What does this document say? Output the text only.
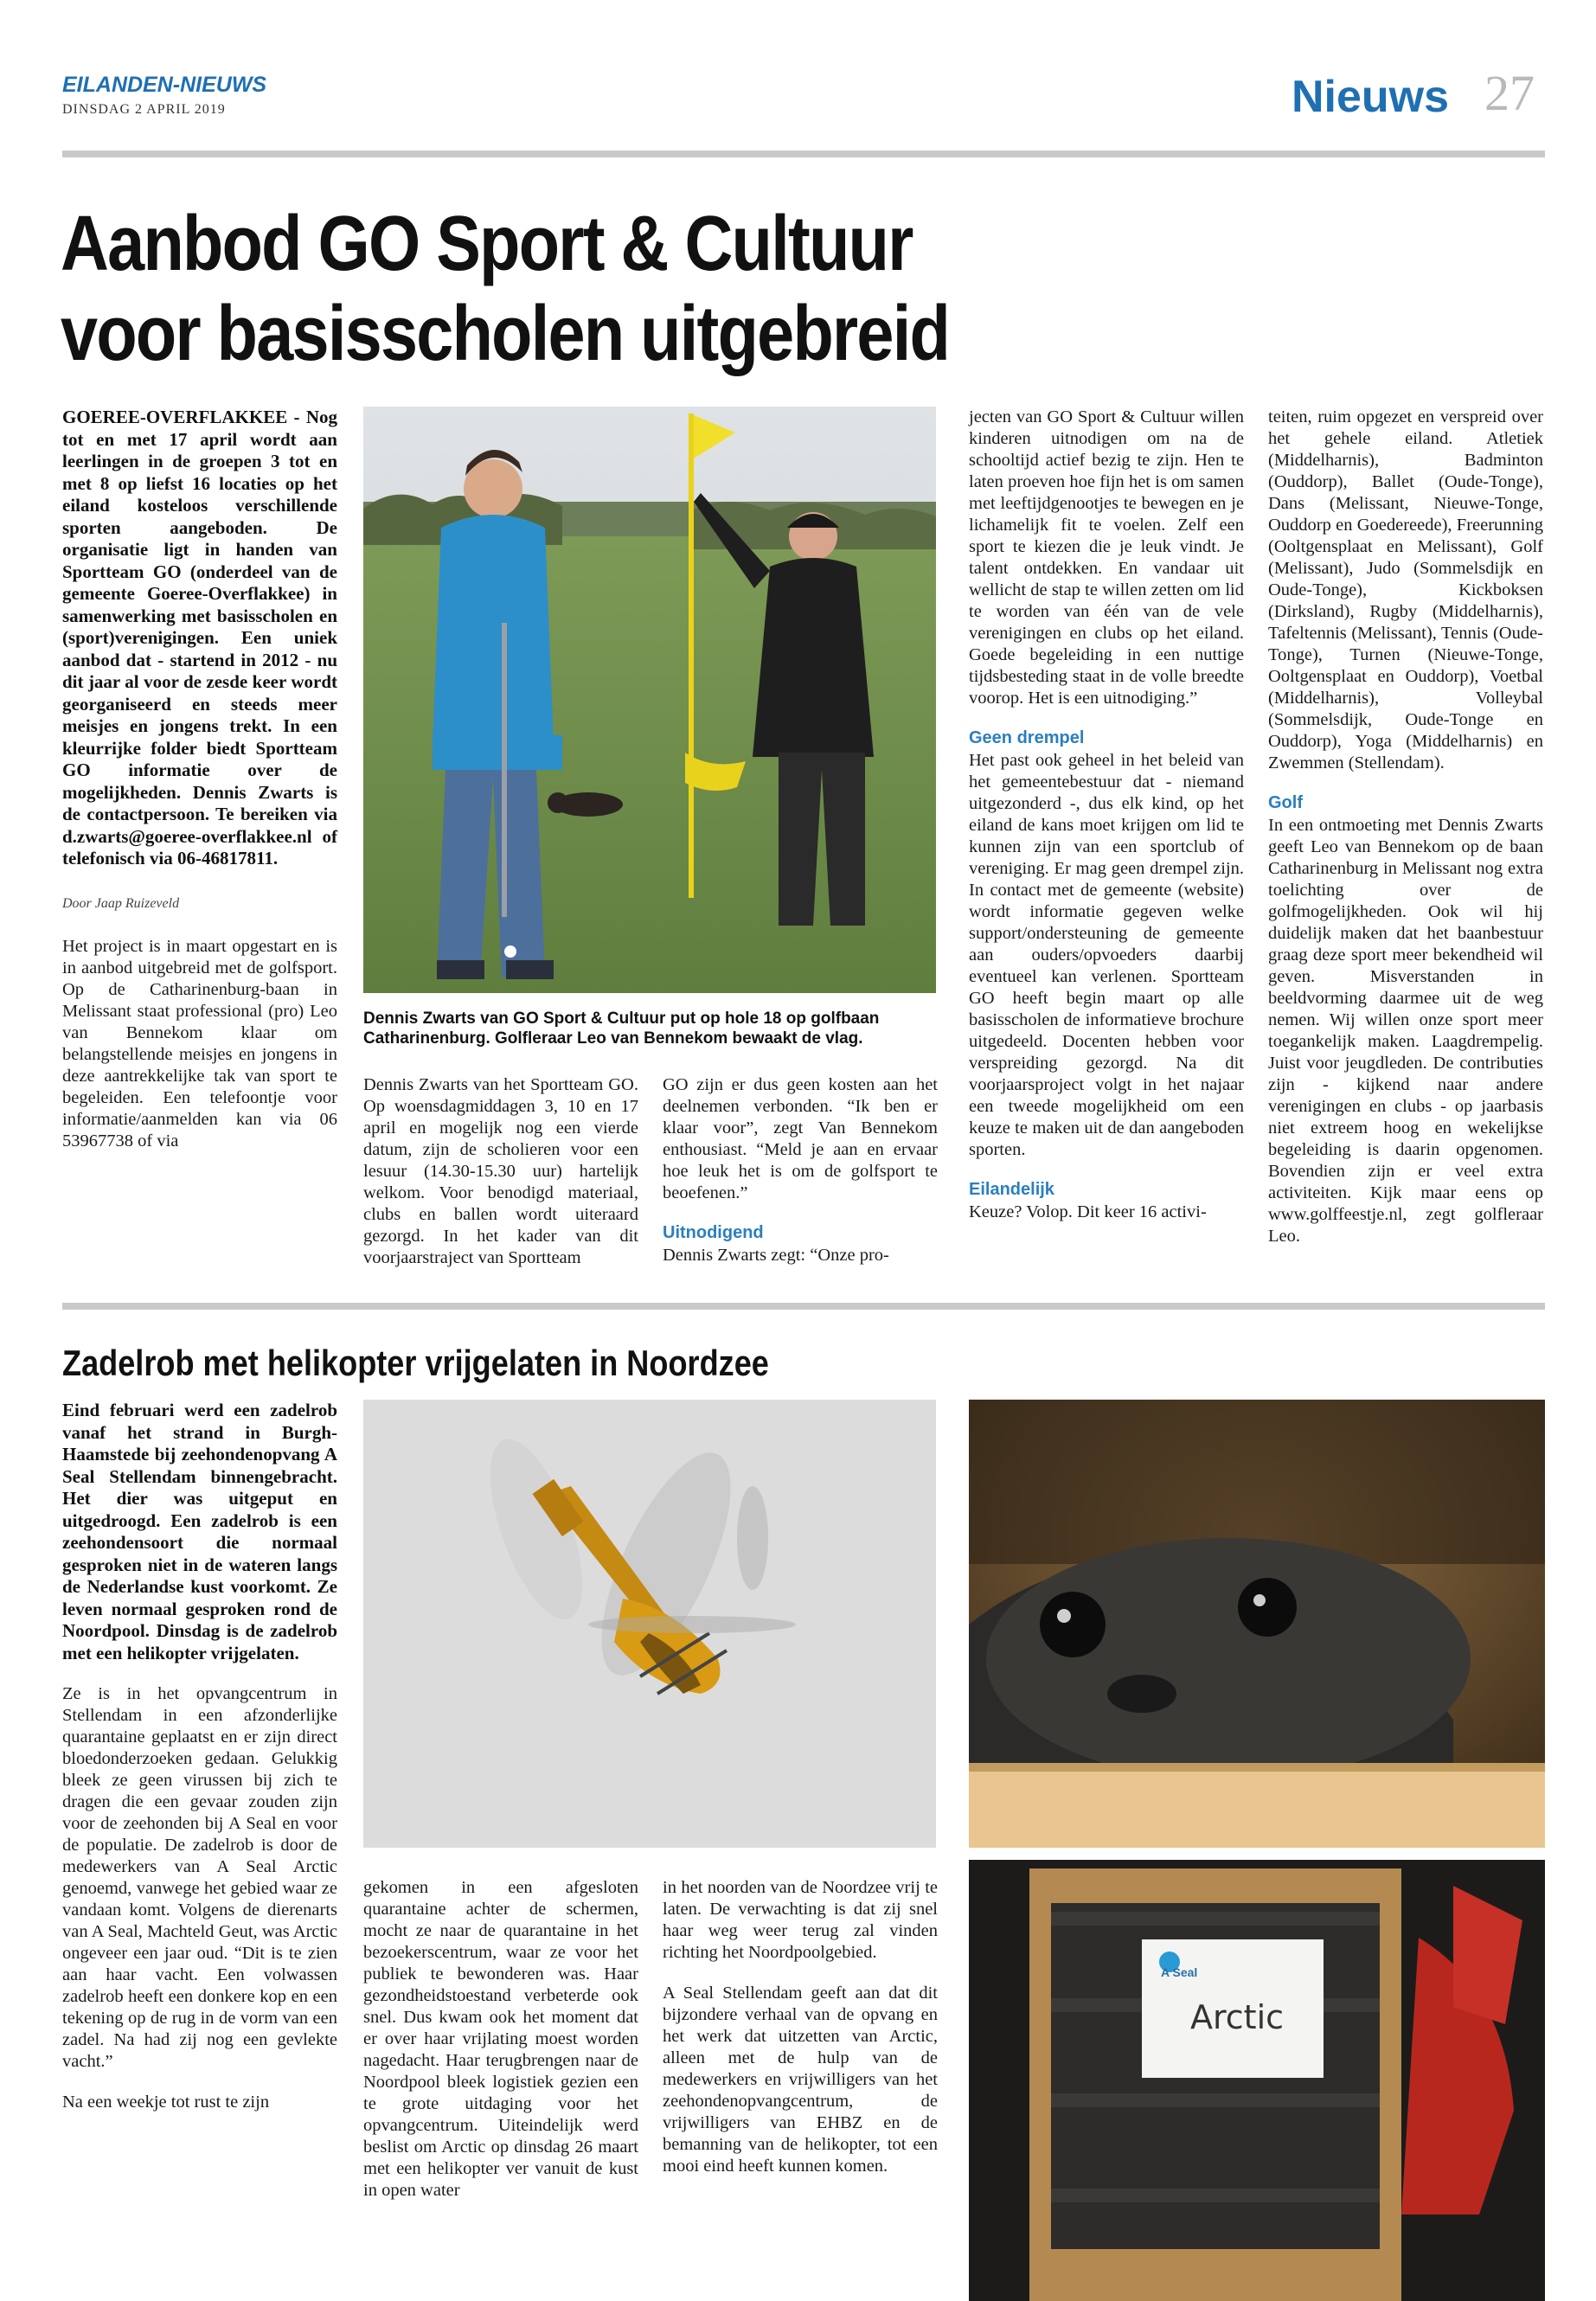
EILANDEN-NIEUWS
DINSDAG 2 APRIL 2019	Nieuws 27
Aanbod GO Sport & Cultuur
voor basisscholen uitgebreid
GOEREE-OVERFLAKKEE - Nog tot en met 17 april wordt aan leerlingen in de groepen 3 tot en met 8 op liefst 16 locaties op het eiland kosteloos verschillende sporten aangeboden. De organisatie ligt in handen van Sportteam GO (onderdeel van de gemeente Goeree-Overflakkee) in samenwerking met basisscholen en (sport)verenigingen. Een uniek aanbod dat - startend in 2012 - nu dit jaar al voor de zesde keer wordt georganiseerd en steeds meer meisjes en jongens trekt. In een kleurrijke folder biedt Sportteam GO informatie over de mogelijkheden. Dennis Zwarts is de contactpersoon. Te bereiken via d.zwarts@goeree-overflakkee.nl of telefonisch via 06-46817811.
Door Jaap Ruizeveld
Het project is in maart opgestart en is in aanbod uitgebreid met de golfsport. Op de Catharinenburg-baan in Melissant staat professional (pro) Leo van Bennekom klaar om belangstellende meisjes en jongens in deze aantrekkelijke tak van sport te begeleiden. Een telefoontje voor informatie/aanmelden kan via 06 53967738 of via
Dennis Zwarts van GO Sport & Cultuur put op hole 18 op golfbaan Catharinenburg. Golfleraar Leo van Bennekom bewaakt de vlag.
Dennis Zwarts van het Sportteam GO. Op woensdagmiddagen 3, 10 en 17 april en mogelijk nog een vierde datum, zijn de scholieren voor een lesuur (14.30-15.30 uur) hartelijk welkom. Voor benodigd materiaal, clubs en ballen wordt uiteraard gezorgd. In het kader van dit voorjaarstraject van Sportteam
GO zijn er dus geen kosten aan het deelnemen verbonden. “Ik ben er klaar voor”, zegt Van Bennekom enthousiast. “Meld je aan en ervaar hoe leuk het is om de golfsport te beoefenen.”
Uitnodigend
Dennis Zwarts zegt: “Onze pro-
jecten van GO Sport & Cultuur willen kinderen uitnodigen om na de schooltijd actief bezig te zijn. Hen te laten proeven hoe fijn het is om samen met leeftijdgenootjes te bewegen en je lichamelijk fit te voelen. Zelf een sport te kiezen die je leuk vindt. Je talent ontdekken. En vandaar uit wellicht de stap te willen zetten om lid te worden van één van de vele verenigingen en clubs op het eiland. Goede begeleiding in een nuttige tijdsbesteding staat in de volle breedte voorop. Het is een uitnodiging.”
Geen drempel
Het past ook geheel in het beleid van het gemeentebestuur dat - niemand uitgezonderd -, dus elk kind, op het eiland de kans moet krijgen om lid te kunnen zijn van een sportclub of vereniging. Er mag geen drempel zijn. In contact met de gemeente (website) wordt informatie gegeven welke support/ondersteuning de gemeente aan ouders/opvoeders daarbij eventueel kan verlenen. Sportteam GO heeft begin maart op alle basisscholen de informatieve brochure uitgedeeld. Docenten hebben voor verspreiding gezorgd. Na dit voorjaarsproject volgt in het najaar een tweede mogelijkheid om een keuze te maken uit de dan aangeboden sporten.
Eilandelijk
Keuze? Volop. Dit keer 16 activi-
teiten, ruim opgezet en verspreid over het gehele eiland. Atletiek (Middelharnis), Badminton (Ouddorp), Ballet (Oude-Tonge), Dans (Melissant, Nieuwe-Tonge, Ouddorp en Goedereede), Freerunning (Ooltgensplaat en Melissant), Golf (Melissant), Judo (Sommelsdijk en Oude-Tonge), Kickboksen (Dirksland), Rugby (Middelharnis), Tafeltennis (Melissant), Tennis (Oude-Tonge), Turnen (Nieuwe-Tonge, Ooltgensplaat en Ouddorp), Voetbal (Middelharnis), Volleybal (Sommelsdijk, Oude-Tonge en Ouddorp), Yoga (Middelharnis) en Zwemmen (Stellendam).
Golf
In een ontmoeting met Dennis Zwarts geeft Leo van Bennekom op de baan Catharinenburg in Melissant nog extra toelichting over de golfmogelijkheden. Ook wil hij duidelijk maken dat het baanbestuur graag deze sport meer bekendheid wil geven. Misverstanden in beeldvorming daarmee uit de weg nemen. Wij willen onze sport meer toegankelijk maken. Laagdrempelig. Juist voor jeugdleden. De contributies zijn - kijkend naar andere verenigingen en clubs - op jaarbasis niet extreem hoog en wekelijkse begeleiding is daarin opgenomen. Bovendien zijn er veel extra activiteiten. Kijk maar eens op www.golffeestje.nl, zegt golfleraar Leo.
Zadelrob met helikopter vrijgelaten in Noordzee
Eind februari werd een zadelrob vanaf het strand in Burgh-Haamstede bij zeehondenopvang A Seal Stellendam binnengebracht. Het dier was uitgeput en uitgedroogd. Een zadelrob is een zeehondensoort die normaal gesproken niet in de wateren langs de Nederlandse kust voorkomt. Ze leven normaal gesproken rond de Noordpool. Dinsdag is de zadelrob met een helikopter vrijgelaten.
Ze is in het opvangcentrum in Stellendam in een afzonderlijke quarantaine geplaatst en er zijn direct bloedonderzoeken gedaan. Gelukkig bleek ze geen virussen bij zich te dragen die een gevaar zouden zijn voor de zeehonden bij A Seal en voor de populatie. De zadelrob is door de medewerkers van A Seal Arctic genoemd, vanwege het gebied waar ze vandaan komt. Volgens de dierenarts van A Seal, Machteld Geut, was Arctic ongeveer een jaar oud. “Dit is te zien aan haar vacht. Een volwassen zadelrob heeft een donkere kop en een tekening op de rug in de vorm van een zadel. Na had zij nog een gevlekte vacht.”
Na een weekje tot rust te zijn
gekomen in een afgesloten quarantaine achter de schermen, mocht ze naar de quarantaine in het bezoekerscentrum, waar ze voor het publiek te bewonderen was. Haar gezondheidstoestand verbeterde ook snel. Dus kwam ook het moment dat er over haar vrijlating moest worden nagedacht. Haar terugbrengen naar de Noordpool bleek logistiek gezien een te grote uitdaging voor het opvangcentrum. Uiteindelijk werd beslist om Arctic op dinsdag 26 maart met een helikopter ver vanuit de kust in open water
in het noorden van de Noordzee vrij te laten. De verwachting is dat zij snel haar weg weer terug zal vinden richting het Noordpoolgebied.
A Seal Stellendam geeft aan dat dit bijzondere verhaal van de opvang en het werk dat uitzetten van Arctic, alleen met de hulp van de medewerkers en vrijwilligers van het zeehondenopvangcentrum, de vrijwilligers van EHBZ en de bemanning van de helikopter, tot een mooi eind heeft kunnen komen.
A Seal
Arctic
